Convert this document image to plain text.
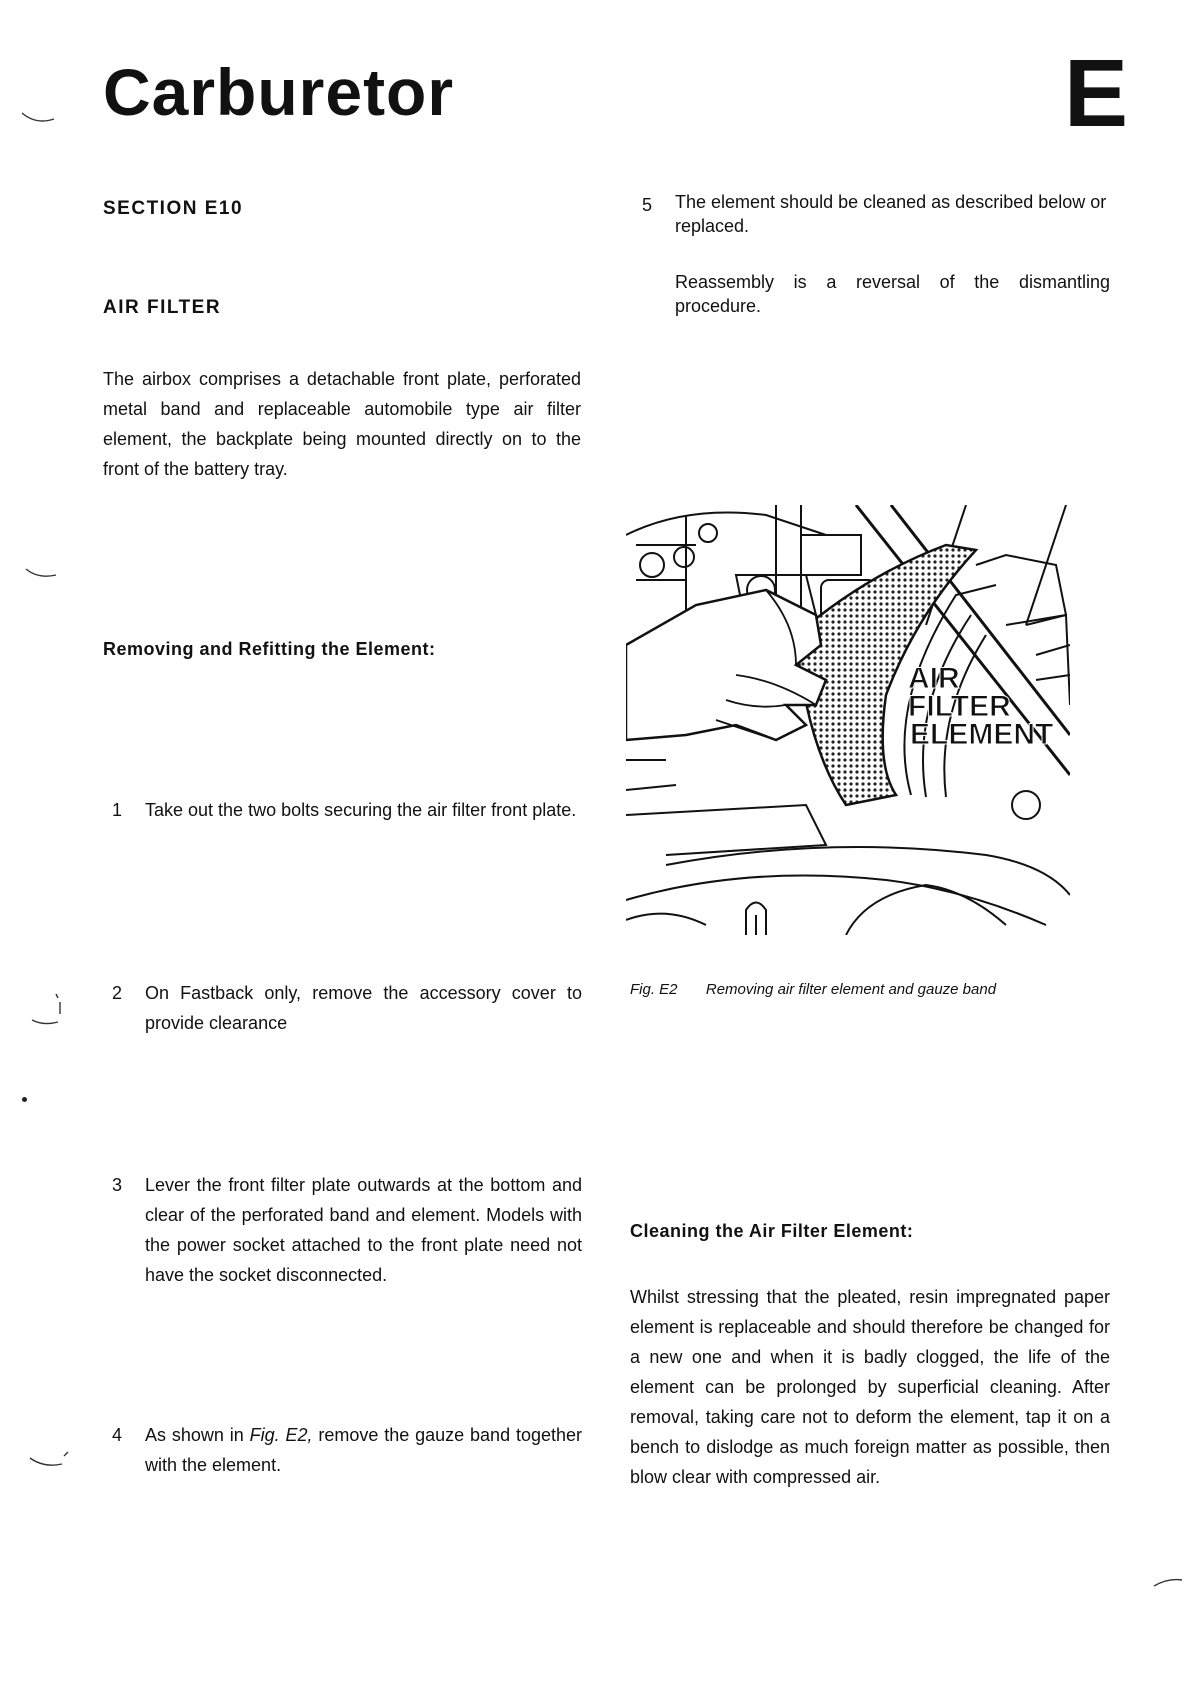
Carburetor	E
SECTION E10
AIR FILTER
The airbox comprises a detachable front plate, perforated metal band and replaceable automobile type air filter element, the backplate being mounted directly on to the front of the battery tray.
Removing and Refitting the Element:
1 Take out the two bolts securing the air filter front plate.
2 On Fastback only, remove the accessory cover to provide clearance
3 Lever the front filter plate outwards at the bottom and clear of the perforated band and element. Models with the power socket attached to the front plate need not have the socket disconnected.
4 As shown in Fig. E2, remove the gauze band together with the element.
5 The element should be cleaned as described below or replaced.
Reassembly is a reversal of the dismantling procedure.
AIR FILTER
ELEMENT
Fig. E2 Removing air filter element and gauze band
Cleaning the Air Filter Element:
Whilst stressing that the pleated, resin impregnated paper element is replaceable and should therefore be changed for a new one and when it is badly clogged, the life of the element can be prolonged by superficial cleaning. After removal, taking care not to deform the element, tap it on a bench to dislodge as much foreign matter as possible, then blow clear with compressed air.
